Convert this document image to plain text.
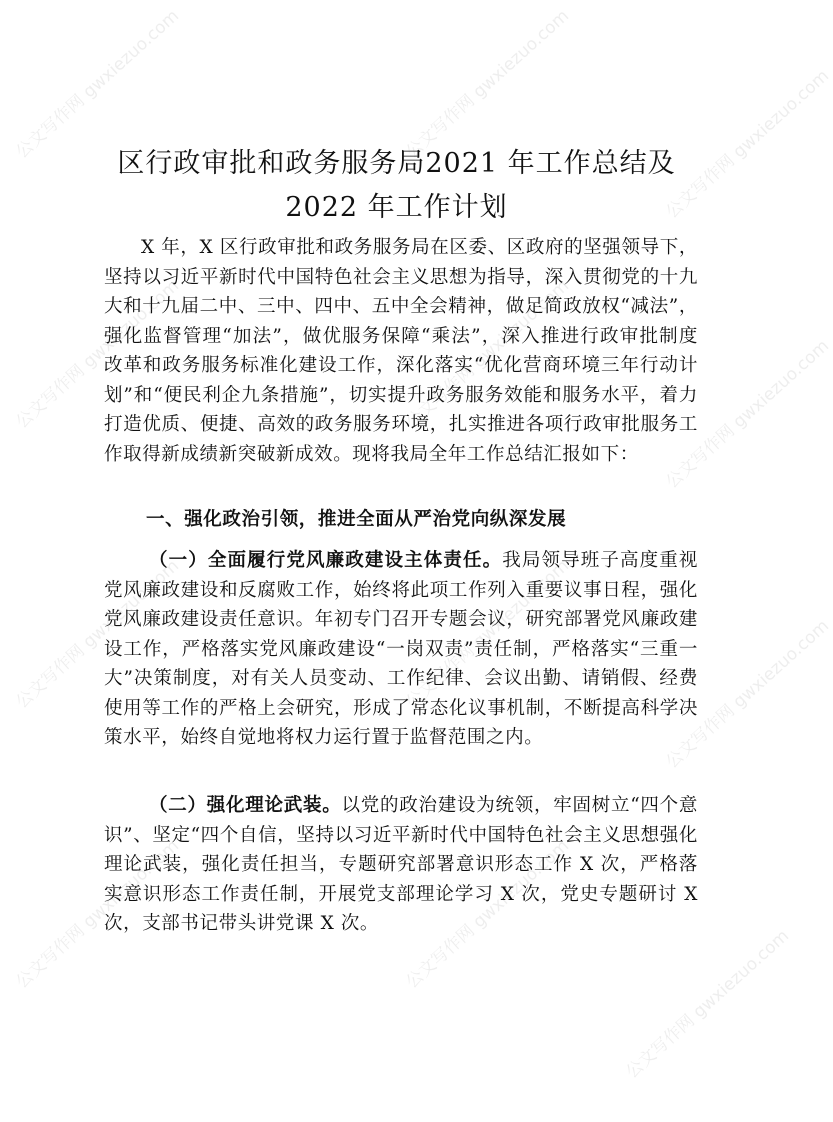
公文写作网 gwxiezuo.com	公文写作网 gwxiezuo.com	公文写作网 gwxiezuo.com
公文写作网 gwxiezuo.com	公文写作网 gwxiezuo.com	公文写作网 gwxiezuo.com
公文写作网 gwxiezuo.com	公文写作网 gwxiezuo.com	公文写作网 gwxiezuo.com
公文写作网 gwxiezuo.com	公文写作网 gwxiezuo.com
公文写作网 gwxiezuo.com
区行政审批和政务服务局2021 年工作总结及
2022 年工作计划

X 年，X 区行政审批和政务服务局在区委、区政府的坚强领导下，坚持以习近平新时代中国特色社会主义思想为指导，深入贯彻党的十九大和十九届二中、三中、四中、五中全会精神，做足简政放权“减法”，强化监督管理“加法”，做优服务保障“乘法”，深入推进行政审批制度改革和政务服务标准化建设工作，深化落实“优化营商环境三年行动计划”和“便民利企九条措施”，切实提升政务服务效能和服务水平，着力打造优质、便捷、高效的政务服务环境，扎实推进各项行政审批服务工作取得新成绩新突破新成效。现将我局全年工作总结汇报如下：

一、强化政治引领，推进全面从严治党向纵深发展

（一）全面履行党风廉政建设主体责任。我局领导班子高度重视党风廉政建设和反腐败工作，始终将此项工作列入重要议事日程，强化党风廉政建设责任意识。年初专门召开专题会议，研究部署党风廉政建设工作，严格落实党风廉政建设“一岗双责”责任制，严格落实“三重一大”决策制度，对有关人员变动、工作纪律、会议出勤、请销假、经费使用等工作的严格上会研究，形成了常态化议事机制，不断提高科学决策水平，始终自觉地将权力运行置于监督范围之内。

（二）强化理论武装。以党的政治建设为统领，牢固树立“四个意识”、坚定“四个自信，坚持以习近平新时代中国特色社会主义思想强化理论武装，强化责任担当，专题研究部署意识形态工作 X 次，严格落实意识形态工作责任制，开展党支部理论学习 X 次，党史专题研讨 X 次，支部书记带头讲党课 X 次。
